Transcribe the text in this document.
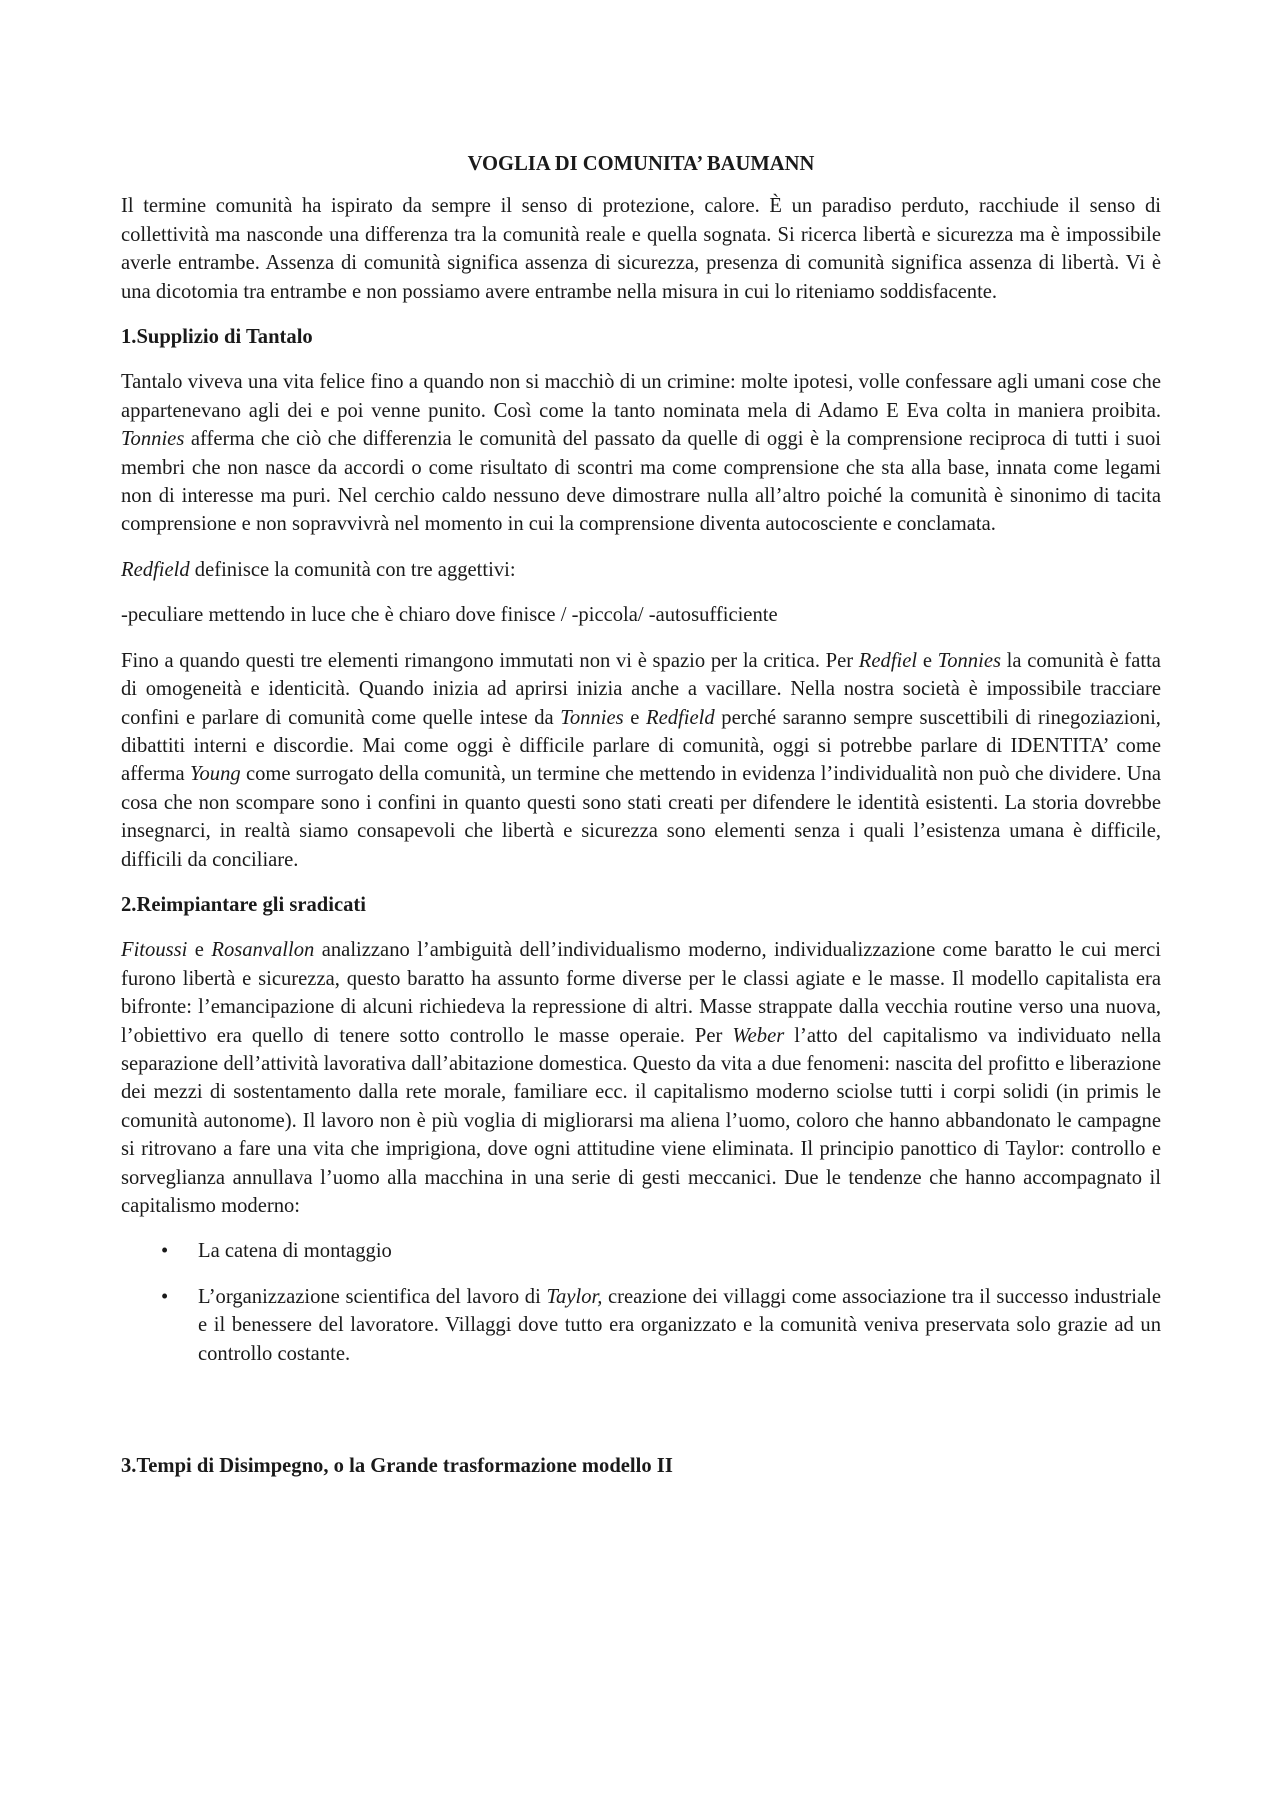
VOGLIA DI COMUNITA’ BAUMANN

Il termine comunità ha ispirato da sempre il senso di protezione, calore. È un paradiso perduto, racchiude il senso di collettività ma nasconde una differenza tra la comunità reale e quella sognata. Si ricerca libertà e sicurezza ma è impossibile averle entrambe. Assenza di comunità significa assenza di sicurezza, presenza di comunità significa assenza di libertà. Vi è una dicotomia tra entrambe e non possiamo avere entrambe nella misura in cui lo riteniamo soddisfacente.

1.Supplizio di Tantalo

Tantalo viveva una vita felice fino a quando non si macchiò di un crimine: molte ipotesi, volle confessare agli umani cose che appartenevano agli dei e poi venne punito. Così come la tanto nominata mela di Adamo E Eva colta in maniera proibita. Tonnies afferma che ciò che differenzia le comunità del passato da quelle di oggi è la comprensione reciproca di tutti i suoi membri che non nasce da accordi o come risultato di scontri ma come comprensione che sta alla base, innata come legami non di interesse ma puri. Nel cerchio caldo nessuno deve dimostrare nulla all’altro poiché la comunità è sinonimo di tacita comprensione e non sopravvivrà nel momento in cui la comprensione diventa autocosciente e conclamata.

Redfield definisce la comunità con tre aggettivi:

-peculiare mettendo in luce che è chiaro dove finisce / -piccola/ -autosufficiente

Fino a quando questi tre elementi rimangono immutati non vi è spazio per la critica. Per Redfiel e Tonnies la comunità è fatta di omogeneità e identicità. Quando inizia ad aprirsi inizia anche a vacillare. Nella nostra società è impossibile tracciare confini e parlare di comunità come quelle intese da Tonnies e Redfield perché saranno sempre suscettibili di rinegoziazioni, dibattiti interni e discordie. Mai come oggi è difficile parlare di comunità, oggi si potrebbe parlare di IDENTITA’ come afferma Young come surrogato della comunità, un termine che mettendo in evidenza l’individualità non può che dividere. Una cosa che non scompare sono i confini in quanto questi sono stati creati per difendere le identità esistenti. La storia dovrebbe insegnarci, in realtà siamo consapevoli che libertà e sicurezza sono elementi senza i quali l’esistenza umana è difficile, difficili da conciliare.

2.Reimpiantare gli sradicati

Fitoussi e Rosanvallon analizzano l’ambiguità dell’individualismo moderno, individualizzazione come baratto le cui merci furono libertà e sicurezza, questo baratto ha assunto forme diverse per le classi agiate e le masse. Il modello capitalista era bifronte: l’emancipazione di alcuni richiedeva la repressione di altri. Masse strappate dalla vecchia routine verso una nuova, l’obiettivo era quello di tenere sotto controllo le masse operaie. Per Weber l’atto del capitalismo va individuato nella separazione dell’attività lavorativa dall’abitazione domestica. Questo da vita a due fenomeni: nascita del profitto e liberazione dei mezzi di sostentamento dalla rete morale, familiare ecc. il capitalismo moderno sciolse tutti i corpi solidi (in primis le comunità autonome). Il lavoro non è più voglia di migliorarsi ma aliena l’uomo, coloro che hanno abbandonato le campagne si ritrovano a fare una vita che imprigiona, dove ogni attitudine viene eliminata. Il principio panottico di Taylor: controllo e sorveglianza annullava l’uomo alla macchina in una serie di gesti meccanici. Due le tendenze che hanno accompagnato il capitalismo moderno:

• La catena di montaggio
• L’organizzazione scientifica del lavoro di Taylor, creazione dei villaggi come associazione tra il successo industriale e il benessere del lavoratore. Villaggi dove tutto era organizzato e la comunità veniva preservata solo grazie ad un controllo costante.

3.Tempi di Disimpegno, o la Grande trasformazione modello II
